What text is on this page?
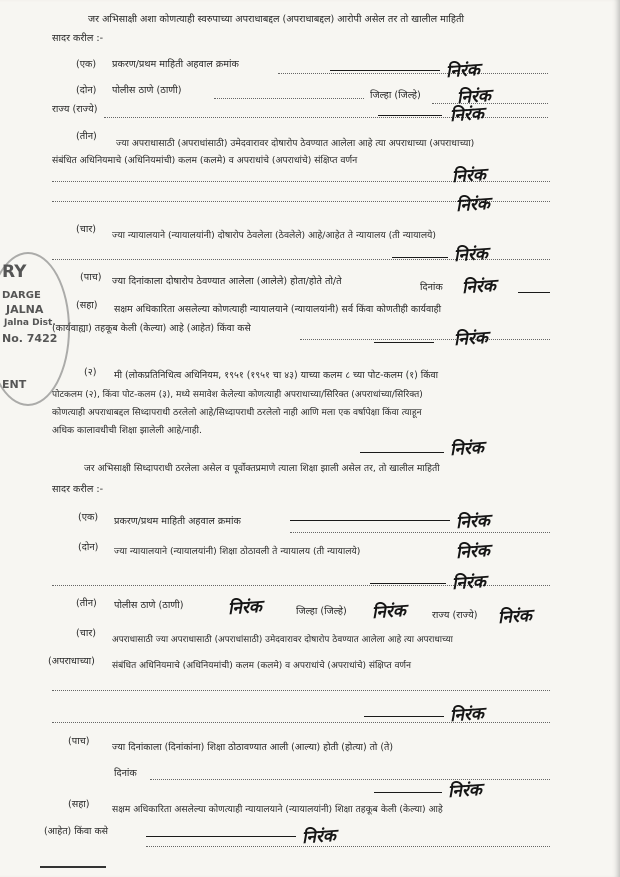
जर अभिसाक्षी अशा कोणत्याही स्वरुपाच्या अपराधाबद्दल (अपराधाबद्दल) आरोपी असेल तर तो खालील माहिती
सादर करील :-
(एक) प्रकरण/प्रथम माहिती अहवाल क्रमांक	निरंक
(दोन) पोलीस ठाणे (ठाणी)	जिल्हा (जिल्हे) निरंक
राज्य (राज्ये)	निरंक
(तीन)
ज्या अपराधासाठी (अपराधांसाठी) उमेदवारावर दोषारोप ठेवण्यात आलेला आहे त्या अपराधाच्या (अपराधाच्या)
संबंधित अधिनियमाचे (अधिनियमांची) कलम (कलमे) व अपराधांचे (अपराधांचे) संक्षिप्त वर्णन
निरंक
निरंक
(चार)
ज्या न्यायालयाने (न्यायालयांनी) दोषारोप ठेवलेला (ठेवलेले) आहे/आहेत ते न्यायालय (ती न्यायालये)
निरंक
(पाच) ज्या दिनांकाला दोषारोप ठेवण्यात आलेला (आलेले) होता/होते तो/ते
दिनांक निरंक
(सहा) सक्षम अधिकारिता असलेल्या कोणत्याही न्यायालयाने (न्यायालयांनी) सर्व किंवा कोणतीही कार्यवाही
(कार्यवाह्या) तहकूब केली (केल्या) आहे (आहेत) किंवा कसे	निरंक
(२) मी (लोकप्रतिनिधित्व अधिनियम, १९५१ (१९५१ चा ४३) याच्या कलम ८ च्या पोट-कलम (१) किंवा
पोटकलम (२), किंवा पोट-कलम (३), मध्ये समावेश केलेल्या कोणत्याही अपराधाच्या/सिरिक्त (अपराधांच्या/सिरिक्त)
कोणत्याही अपराधाबद्दल सिध्दापराधी ठरलेलो आहे/सिध्दापराधी ठरलेलो नाही आणि मला एक वर्षापेक्षा किंवा त्याहून
अधिक कालावधीची शिक्षा झालेली आहे/नाही.
निरंक
जर अभिसाक्षी सिध्दापराधी ठरलेला असेल व पूर्वोक्तप्रमाणे त्याला शिक्षा झाली असेल तर, तो खालील माहिती
सादर करील :-
(एक) प्रकरण/प्रथम माहिती अहवाल क्रमांक	निरंक
(दोन) ज्या न्यायालयाने (न्यायालयांनी) शिक्षा ठोठावली ते न्यायालय (ती न्यायालये)	निरंक
निरंक
(तीन) पोलीस ठाणे (ठाणी)	निरंक	जिल्हा (जिल्हे) निरंक	राज्य (राज्ये) निरंक
(चार)
अपराधासाठी ज्या अपराधासाठी (अपराधांसाठी) उमेदवारावर दोषारोप ठेवण्यात आलेला आहे त्या अपराधाच्या
(अपराधाच्या) संबंधित अधिनियमाचे (अधिनियमांची) कलम (कलमे) व अपराधांचे (अपराधांचे) संक्षिप्त वर्णन
निरंक
(पाच)
ज्या दिनांकाला (दिनांकांना) शिक्षा ठोठावण्यात आली (आल्या) होती (होत्या) तो (ते)
दिनांक
निरंक
(सहा) सक्षम अधिकारिता असलेल्या कोणत्याही न्यायालयाने (न्यायालयांनी) शिक्षा तहकूब केली (केल्या) आहे
(आहेत) किंवा कसे	निरंक
RY
DARGE
JALNA
Jalna Dist.
No. 7422
ENT
